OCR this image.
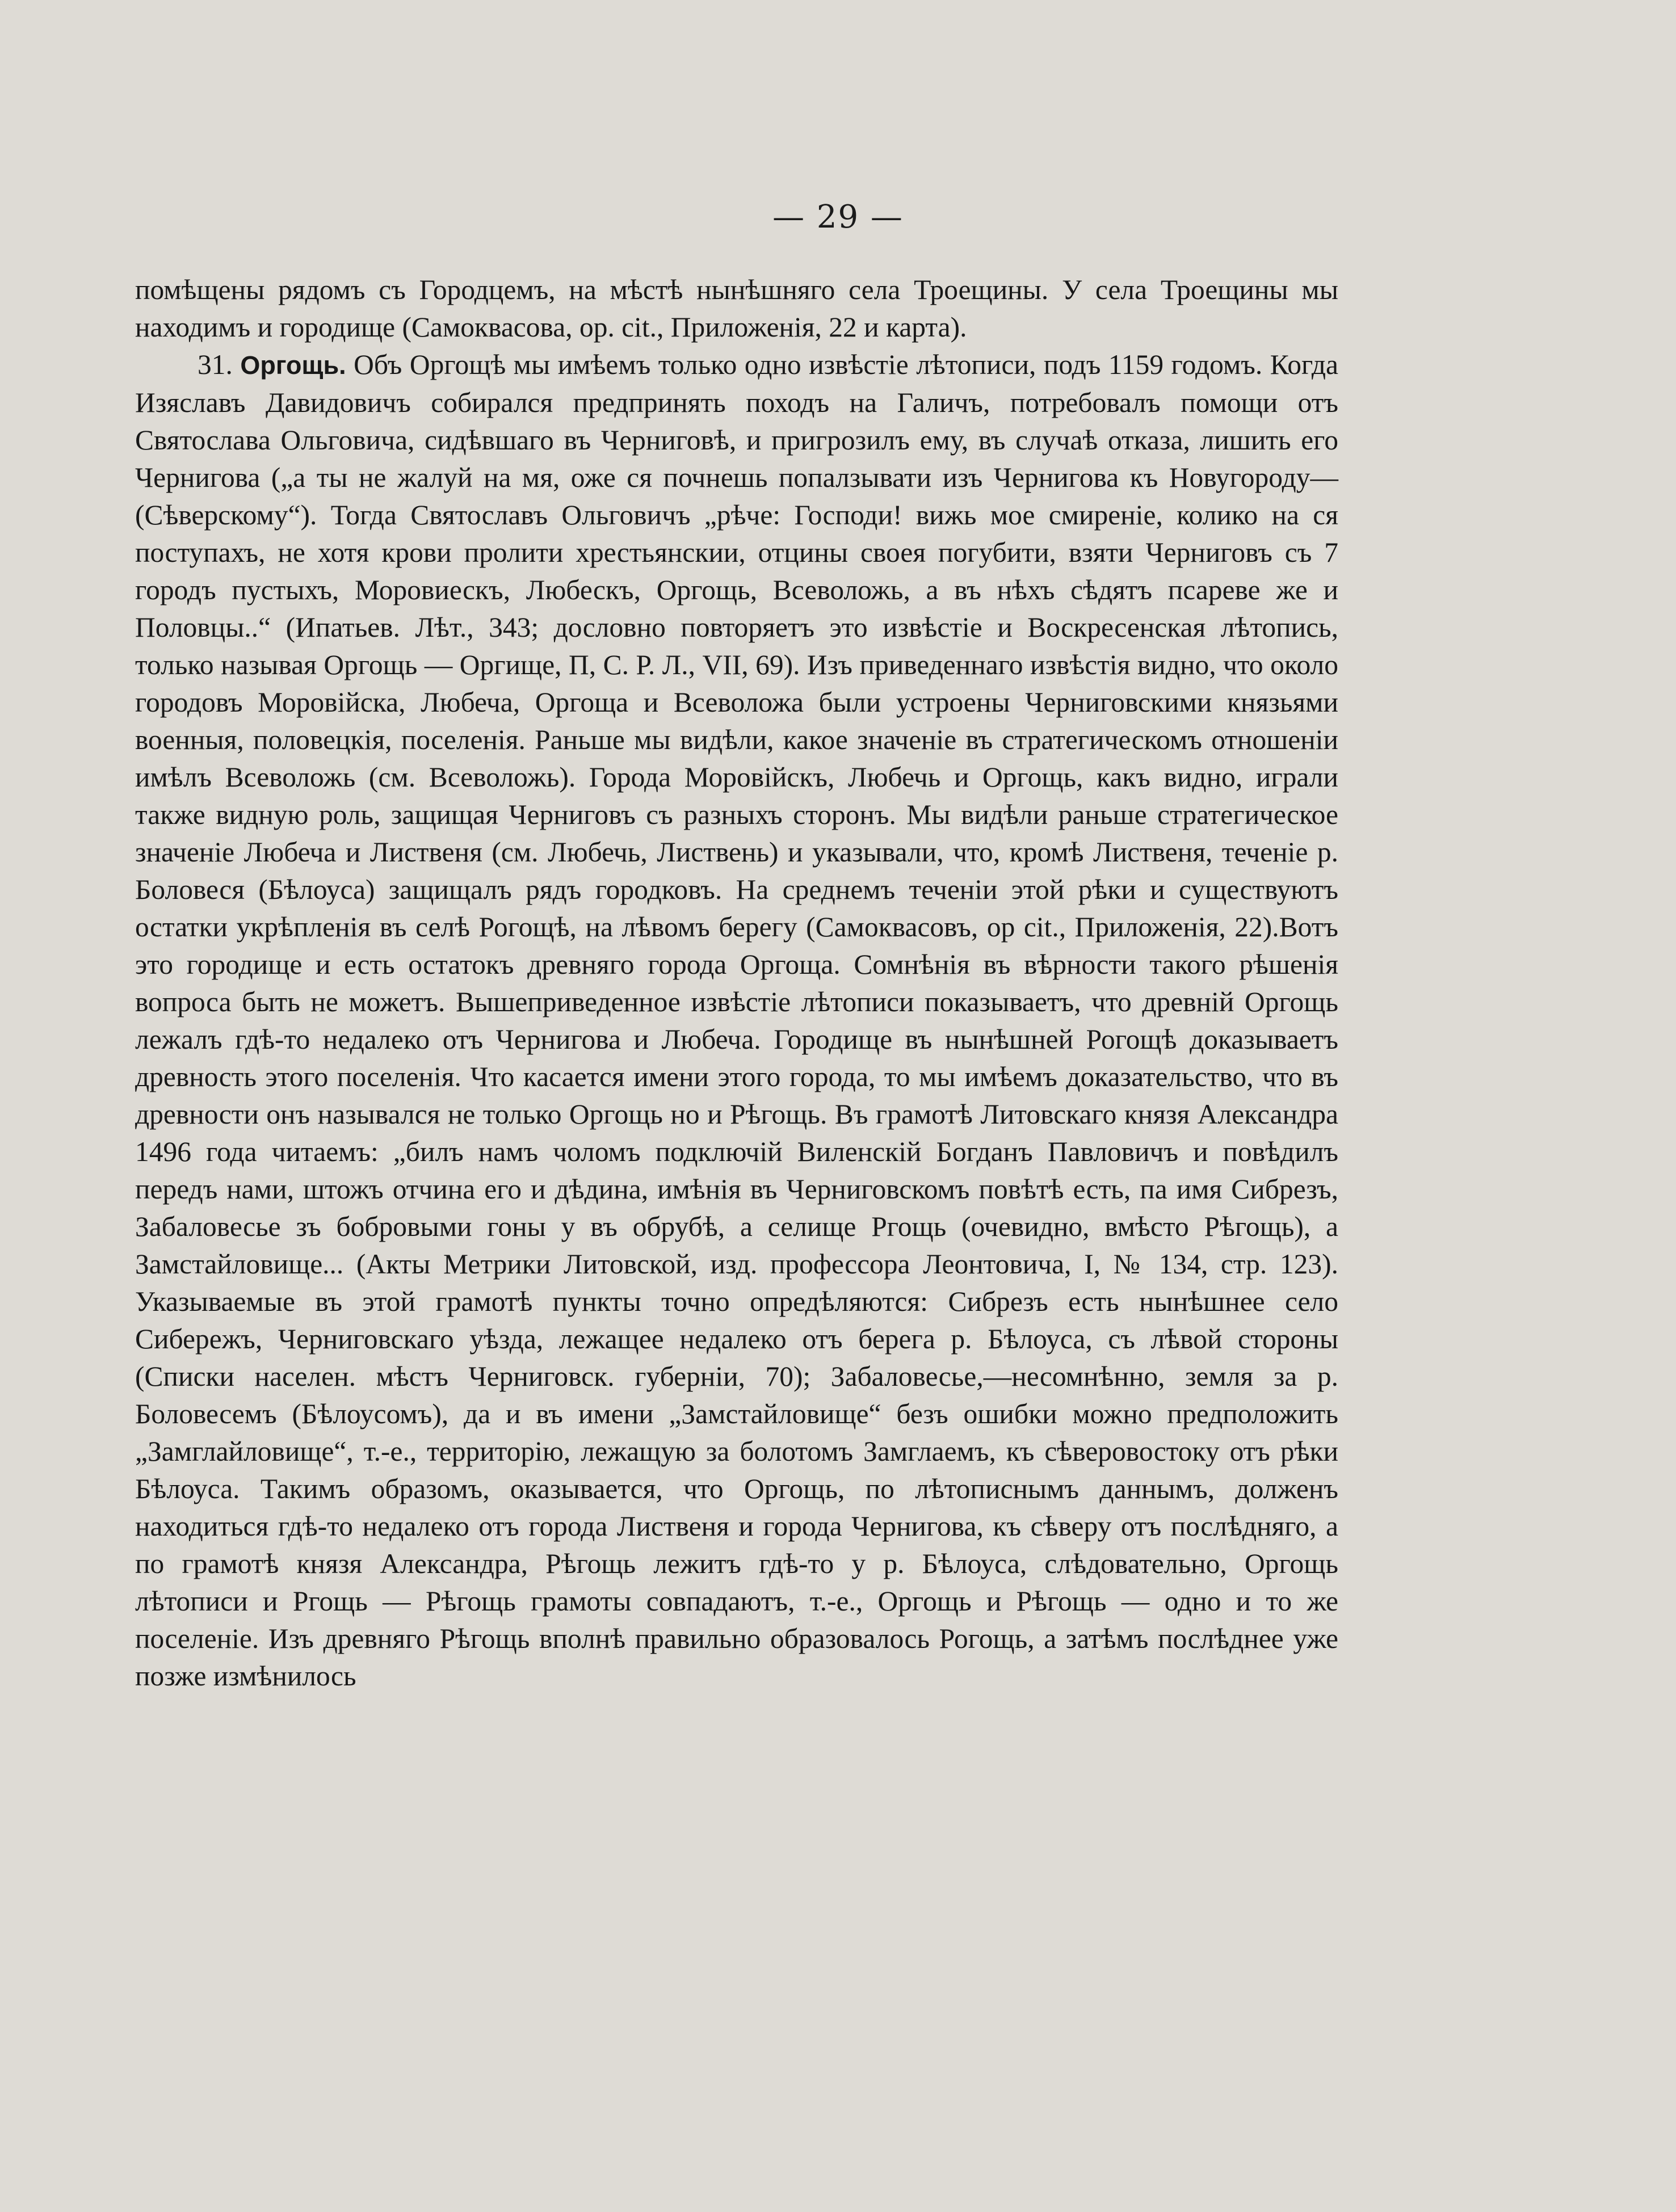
— 29 —

помѣщены рядомъ съ Городцемъ, на мѣстѣ нынѣшняго села Троещины. У села Троещины мы находимъ и городище (Самоквасова, op. cit., Приложенія, 22 и карта).

31. Оргощь. Объ Оргощѣ мы имѣемъ только одно извѣстіе лѣтописи, подъ 1159 годомъ. Когда Изяславъ Давидовичъ собирался предпринять походъ на Галичъ, потребовалъ помощи отъ Святослава Ольговича, сидѣвшаго въ Черниговѣ, и пригрозилъ ему, въ случаѣ отказа, лишить его Чернигова („а ты не жалуй на мя, оже ся почнешь попалзывати изъ Чернигова къ Новугороду—(Сѣверскому“). Тогда Святославъ Ольговичъ „рѣче: Господи! вижь мое смиреніе, колико на ся поступахъ, не хотя крови пролити хрестьянскии, отцины своея погубити, взяти Черниговъ съ 7 городъ пустыхъ, Моровиескъ, Любескъ, Оргощь, Всеволожь, а въ нѣхъ сѣдятъ псареве же и Половцы..“ (Ипатьев. Лѣт., 343; дословно повторяетъ это извѣстіе и Воскресенская лѣтопись, только называя Оргощь — Оргище, П, С. Р. Л., VII, 69). Изъ приведеннаго извѣстія видно, что около городовъ Моровійска, Любеча, Оргоща и Всеволожа были устроены Черниговскими князьями военныя, половецкія, поселенія. Раньше мы видѣли, какое значеніе въ стратегическомъ отношеніи имѣлъ Всеволожь (см. Всеволожь). Города Моровійскъ, Любечь и Оргощь, какъ видно, играли также видную роль, защищая Черниговъ съ разныхъ сторонъ. Мы видѣли раньше стратегическое значеніе Любеча и Лиственя (см. Любечь, Листвень) и указывали, что, кромѣ Лиственя, теченіе р. Боловеся (Бѣлоуса) защищалъ рядъ городковъ. На среднемъ теченіи этой рѣки и существуютъ остатки укрѣпленія въ селѣ Рогощѣ, на лѣвомъ берегу (Самоквасовъ, op cit., Приложенія, 22).Вотъ это городище и есть остатокъ древняго города Оргоща. Сомнѣнія въ вѣрности такого рѣшенія вопроса быть не можетъ. Вышеприведенное извѣстіе лѣтописи показываетъ, что древній Оргощь лежалъ гдѣ-то недалеко отъ Чернигова и Любеча. Городище въ нынѣшней Рогощѣ доказываетъ древность этого поселенія. Что касается имени этого города, то мы имѣемъ доказательство, что въ древности онъ назывался не только Оргощь но и Рѣгощь. Въ грамотѣ Литовскаго князя Александра 1496 года читаемъ: „билъ намъ чоломъ подключій Виленскій Богданъ Павловичъ и повѣдилъ передъ нами, штожъ отчина его и дѣдина, имѣнія въ Черниговскомъ повѣтѣ есть, па имя Сибрезъ, Забаловесье зъ бобровыми гоны у въ обрубѣ, а селище Ргощь (очевидно, вмѣсто Рѣгощь), а Замстайловище... (Акты Метрики Литовской, изд. профессора Леонтовича, I, № 134, стр. 123). Указываемые въ этой грамотѣ пункты точно опредѣляются: Сибрезъ есть нынѣшнее село Сибережъ, Черниговскаго уѣзда, лежащее недалеко отъ берега р. Бѣлоуса, съ лѣвой стороны (Списки населен. мѣстъ Черниговск. губерніи, 70); Забаловесье,—несомнѣнно, земля за р. Боловесемъ (Бѣлоусомъ), да и въ имени „Замстайловище“ безъ ошибки можно предположить „Замглайловище“, т.-е., территорію, лежащую за болотомъ Замглаемъ, къ сѣверовостоку отъ рѣки Бѣлоуса. Такимъ образомъ, оказывается, что Оргощь, по лѣтописнымъ даннымъ, долженъ находиться гдѣ-то недалеко отъ города Лиственя и города Чернигова, къ сѣверу отъ послѣдняго, а по грамотѣ князя Александра, Рѣгощь лежитъ гдѣ-то у р. Бѣлоуса, слѣдовательно, Оргощь лѣтописи и Ргощь — Рѣгощь грамоты совпадаютъ, т.-е., Оргощь и Рѣгощь — одно и то же поселеніе. Изъ древняго Рѣгощь вполнѣ правильно образовалось Рогощь, а затѣмъ послѣднее уже позже измѣнилось
